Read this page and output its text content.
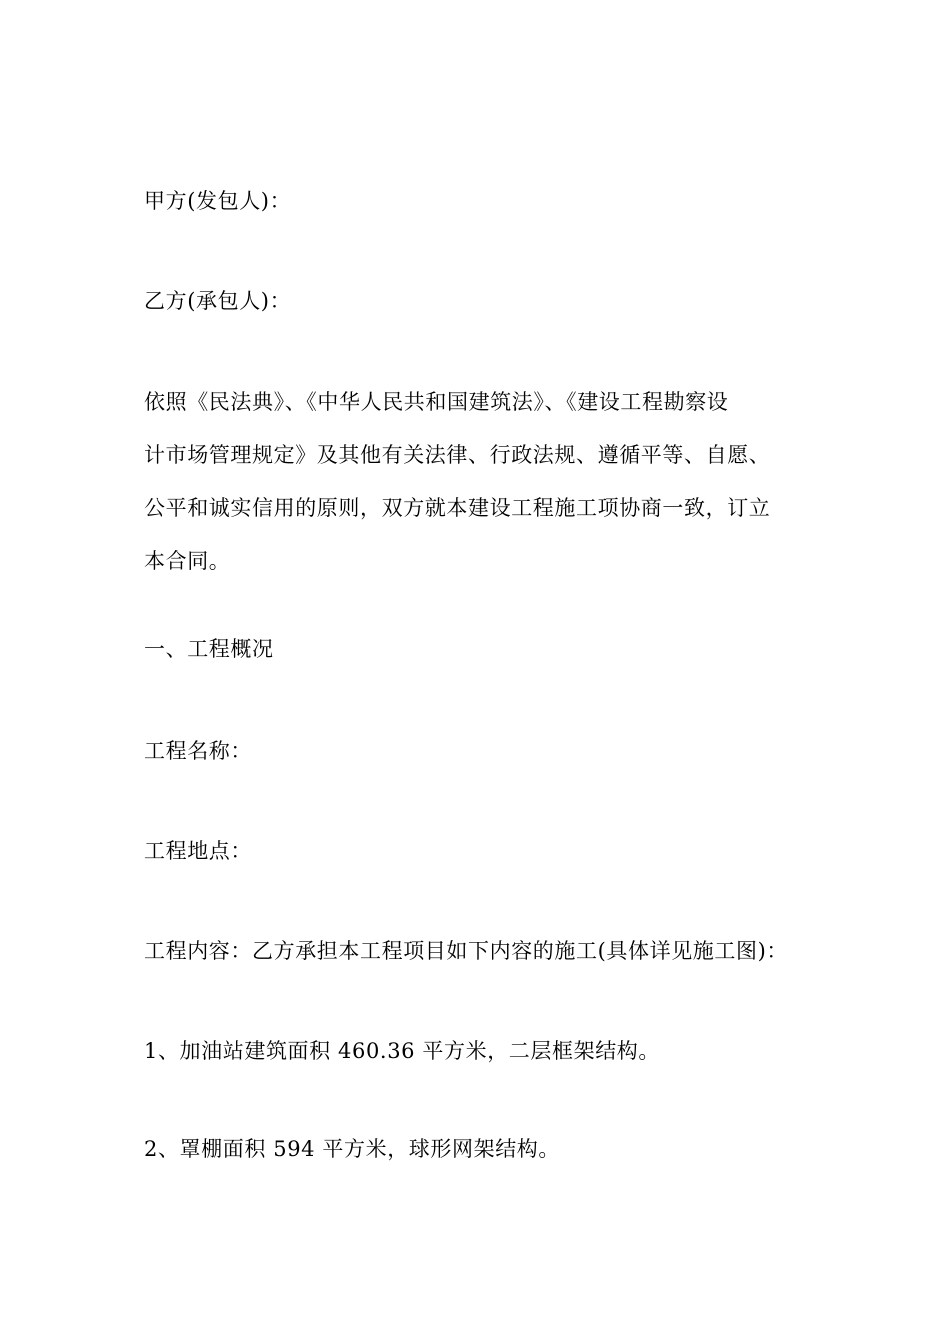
甲方(发包人)：
乙方(承包人)：
依照《民法典》、《中华人民共和国建筑法》、《建设工程勘察设
计市场管理规定》及其他有关法律、行政法规、遵循平等、自愿、
公平和诚实信用的原则，双方就本建设工程施工项协商一致，订立
本合同。
一、工程概况
工程名称：
工程地点：
工程内容：乙方承担本工程项目如下内容的施工(具体详见施工图)：
1、加油站建筑面积 460.36 平方米，二层框架结构。
2、罩棚面积 594 平方米，球形网架结构。
